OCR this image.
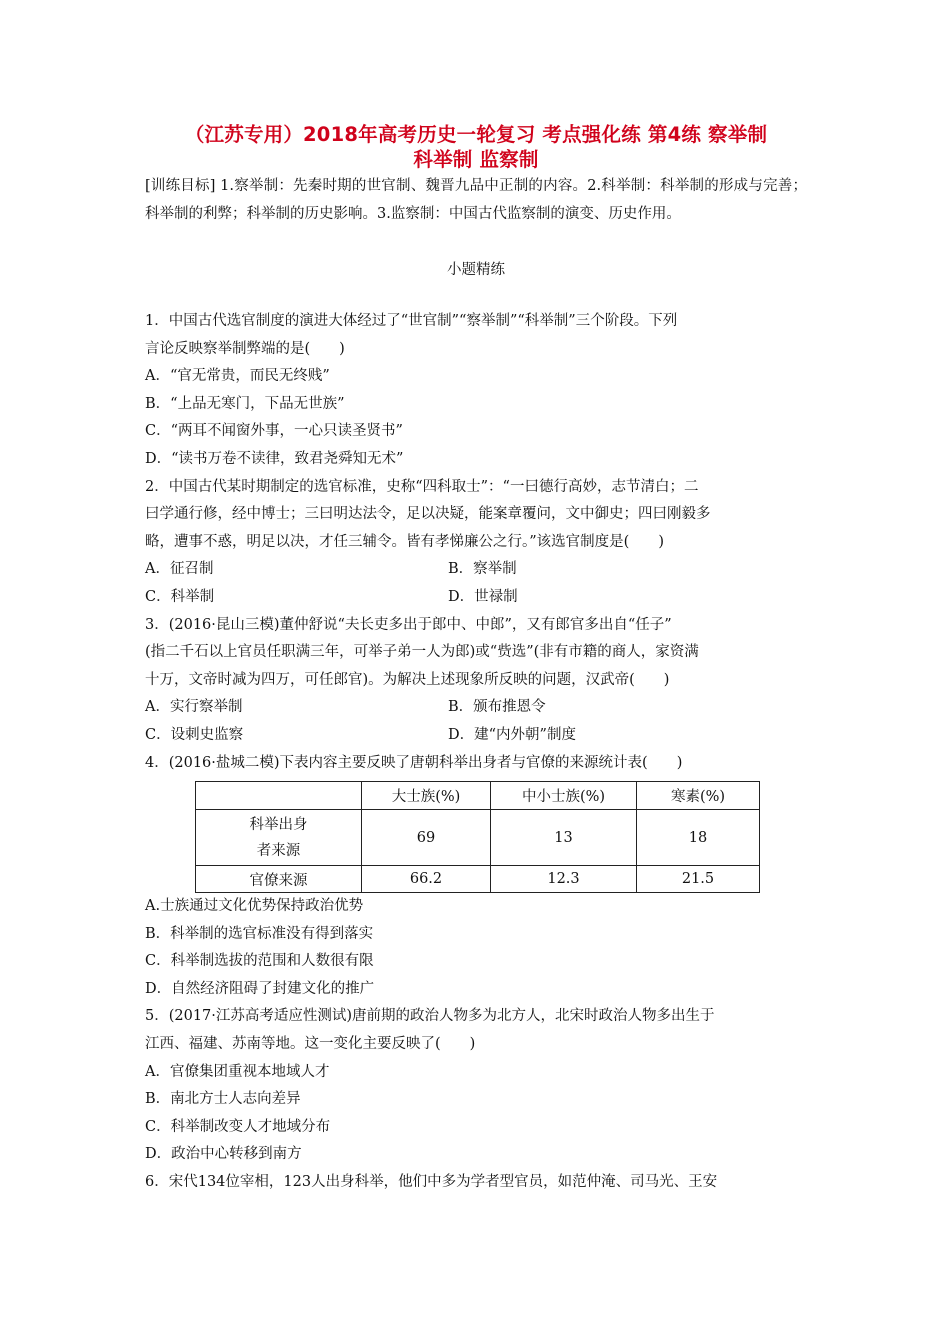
（江苏专用）2018年高考历史一轮复习 考点强化练 第4练 察举制
科举制 监察制

[训练目标] 1.察举制：先秦时期的世官制、魏晋九品中正制的内容。2.科举制：科举制的形成与完善；科举制的利弊；科举制的历史影响。3.监察制：中国古代监察制的演变、历史作用。

小题精练
1．中国古代选官制度的演进大体经过了“世官制”“察举制”“科举制”三个阶段。下列
言论反映察举制弊端的是(　　)
A．“官无常贵，而民无终贱”
B．“上品无寒门，下品无世族”
C．“两耳不闻窗外事，一心只读圣贤书”
D．“读书万卷不读律，致君尧舜知无术”
2．中国古代某时期制定的选官标准，史称“四科取士”：“一曰德行高妙，志节清白；二
曰学通行修，经中博士；三曰明达法令，足以决疑，能案章覆问，文中御史；四曰刚毅多
略，遭事不惑，明足以决，才任三辅令。皆有孝悌廉公之行。”该选官制度是(　　)
A．征召制	B．察举制
C．科举制	D．世禄制
3．(2016·昆山三模)董仲舒说“夫长吏多出于郎中、中郎”，又有郎官多出自“任子”
(指二千石以上官员任职满三年，可举子弟一人为郎)或“赀选”(非有市籍的商人，家资满
十万，文帝时减为四万，可任郎官)。为解决上述现象所反映的问题，汉武帝(　　)
A．实行察举制	B．颁布推恩令
C．设刺史监察	D．建“内外朝”制度
4．(2016·盐城二模)下表内容主要反映了唐朝科举出身者与官僚的来源统计表(　　)
	大士族(%)	中小士族(%)	寒素(%)

科举出身
者来源	69	13	18
官僚来源	66.2	12.3	21.5
A.士族通过文化优势保持政治优势
B．科举制的选官标准没有得到落实
C．科举制选拔的范围和人数很有限
D．自然经济阻碍了封建文化的推广
5．(2017·江苏高考适应性测试)唐前期的政治人物多为北方人，北宋时政治人物多出生于
江西、福建、苏南等地。这一变化主要反映了(　　)
A．官僚集团重视本地域人才
B．南北方士人志向差异
C．科举制改变人才地域分布
D．政治中心转移到南方
6．宋代134位宰相，123人出身科举，他们中多为学者型官员，如范仲淹、司马光、王安
